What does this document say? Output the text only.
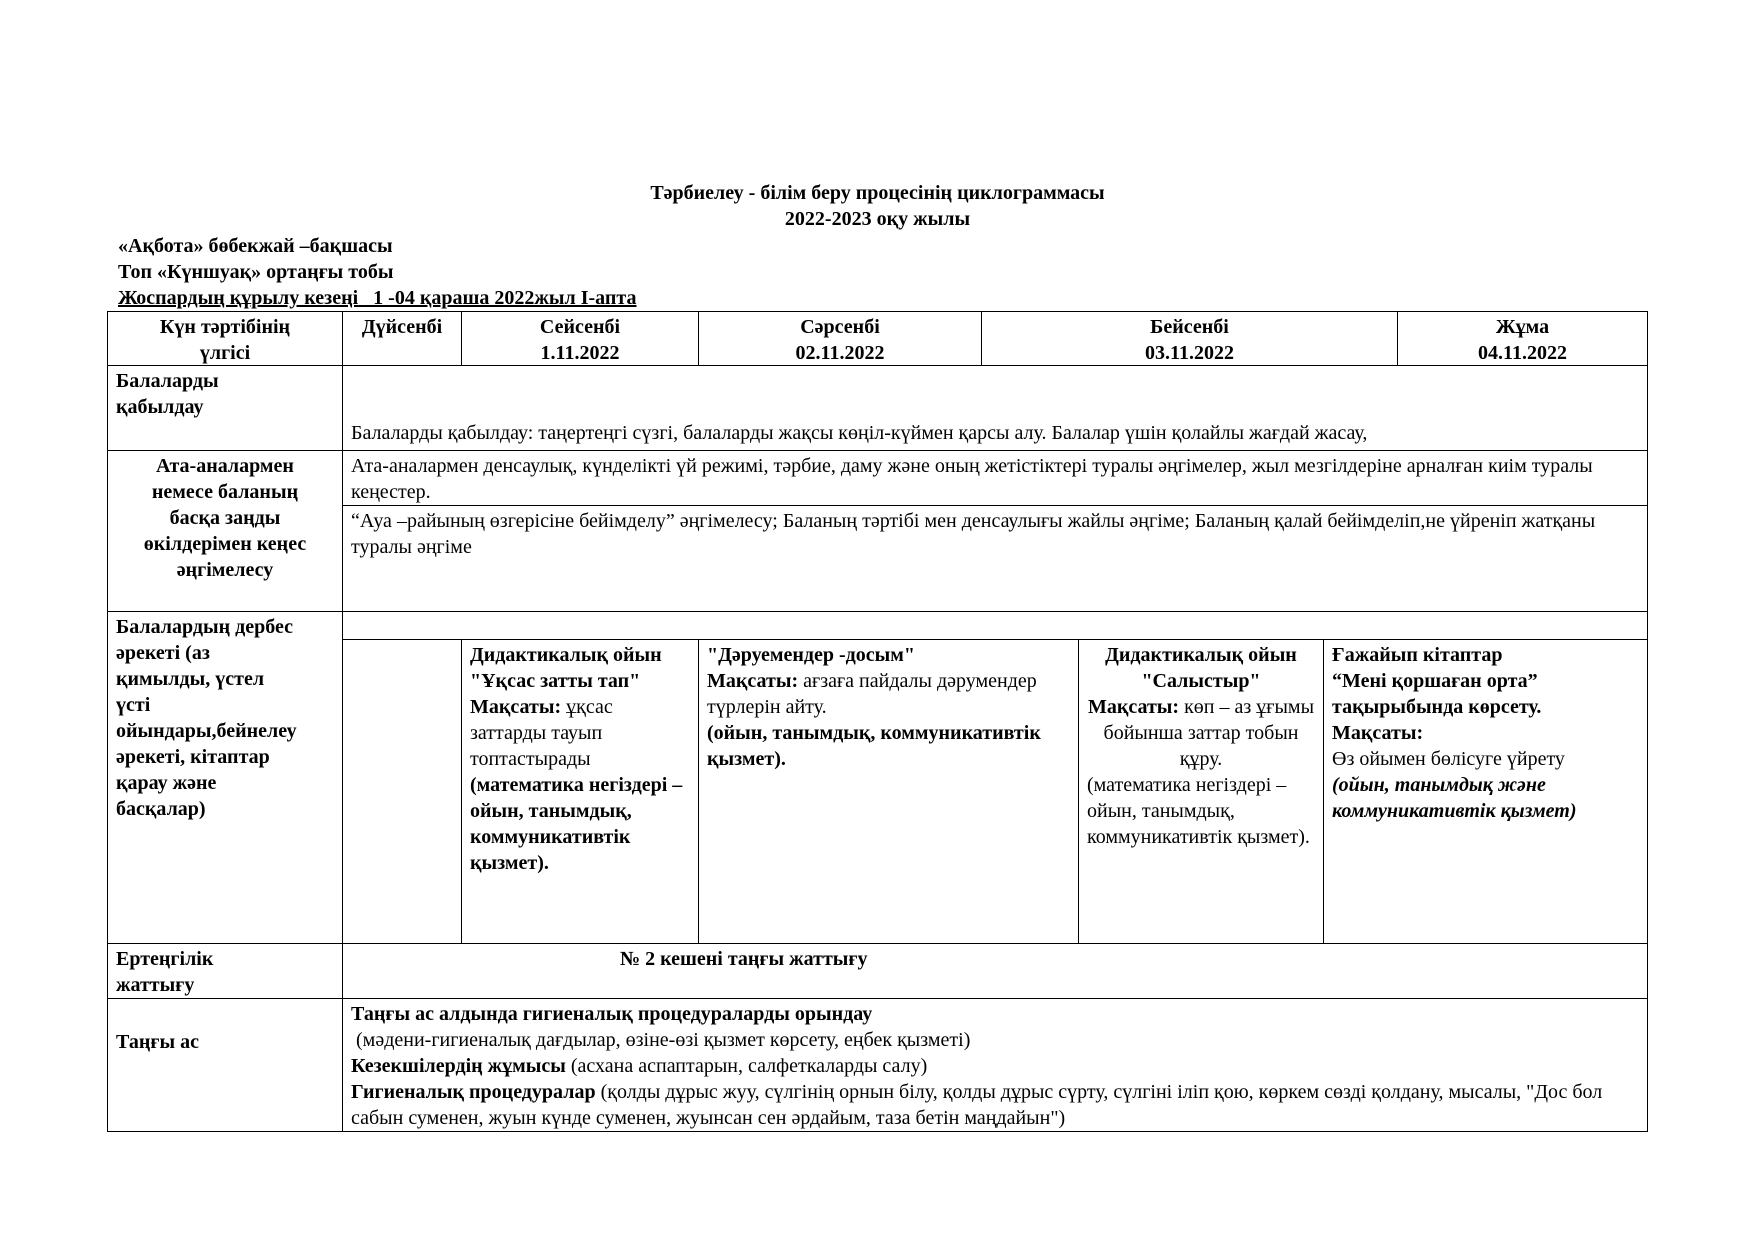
Тәрбиелеу - білім беру процесінің циклограммасы
2022-2023 оқу жылы
«Ақбота» бөбекжай –бақшасы
Топ «Күншуақ» ортаңғы тобы
Жоспардың құрылу кезеңі _1 -04 қараша 2022жыл I-апта

Күн тәртібінің

үлгісі

Дүйсенбі	Сейсенбі

1.11.2022

Сәрсенбі

02.11.2022

Бейсенбі

03.11.2022

Жұма

04.11.2022

Балаларды

қабылдау

Балаларды қабылдау: таңертеңгі сүзгі, балаларды жақсы көңіл-күймен қарсы алу. Балалар үшін қолайлы жағдай жасау,

Ата-аналармен

немесе баланың

басқа заңды

өкілдерімен кеңес

әңгімелесу

Ата-аналармен денсаулық, күнделікті үй режимі, тәрбие, даму және оның жетістіктері туралы әңгімелер, жыл мезгілдеріне арналған киім туралы кеңестер.
“Ауа –райының өзгерісіне бейімделу” әңгімелесу; Баланың тәртібі мен денсаулығы жайлы әңгіме; Баланың қалай бейімделіп,не үйреніп жатқаны туралы әңгіме

Балалардың дербес

әрекеті (аз

қимылды, үстел

үсті

ойындары,бейнелеу

әрекеті, кітаптар

қарау және

басқалар)

Дидактикалық ойын "Ұқсас затты тап"

Мақсаты: ұқсас заттарды тауып топтастырады

(математика негіздері – ойын, танымдық, коммуникативтік қызмет).

"Дәруемендер -досым"

Мақсаты: ағзаға пайдалы дәрумендер түрлерін айту.

(ойын, танымдық, коммуникативтік қызмет).

Дидактикалық ойын

"Салыстыр"

Мақсаты: көп – аз ұғымы бойынша заттар тобын құру.

(математика негіздері – ойын, танымдық, коммуникативтік қызмет).

Ғажайып кітаптар

“Мені қоршаған орта” тақырыбында көрсету.

Мақсаты:

Өз ойымен бөлісуге үйрету

(ойын, танымдық және коммуникативтік қызмет)

Ертеңгілік

жаттығу

№ 2 кешені таңғы жаттығу
Таңғы ас

Таңғы ас алдында гигиеналық процедураларды орындау

(мәдени-гигиеналық дағдылар, өзіне-өзі қызмет көрсету, еңбек қызметі)

Кезекшілердің жұмысы (асхана аспаптарын, салфеткаларды салу)

Гигиеналық процедуралар (қолды дұрыс жуу, сүлгінің орнын білу, қолды дұрыс сүрту, сүлгіні іліп қою, көркем сөзді қолдану, мысалы, "Дос бол сабын суменен, жуын күнде суменен, жуынсан сен әрдайым, таза бетін маңдайын")
